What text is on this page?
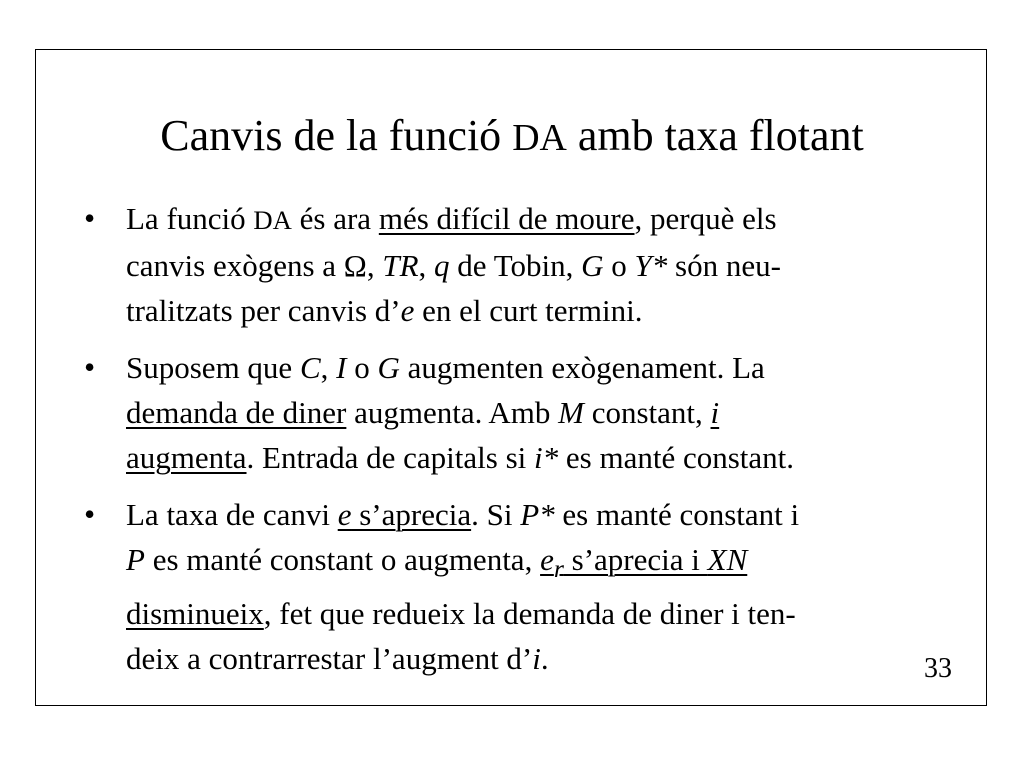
Canvis de la funció DA amb taxa flotant
• La funció DA és ara més difícil de moure, perquè els
canvis exògens a Ω, TR, q de Tobin, G o Y* són neu-
tralitzats per canvis d’e en el curt termini.
• Suposem que C, I o G augmenten exògenament. La
demanda de diner augmenta. Amb M constant, i
augmenta. Entrada de capitals si i* es manté constant.
• La taxa de canvi e s’aprecia. Si P* es manté constant i
P es manté constant o augmenta, $e_r$ s’aprecia i XN
disminueix, fet que redueix la demanda de diner i ten-
deix a contrarrestar l’augment d’i.	33
